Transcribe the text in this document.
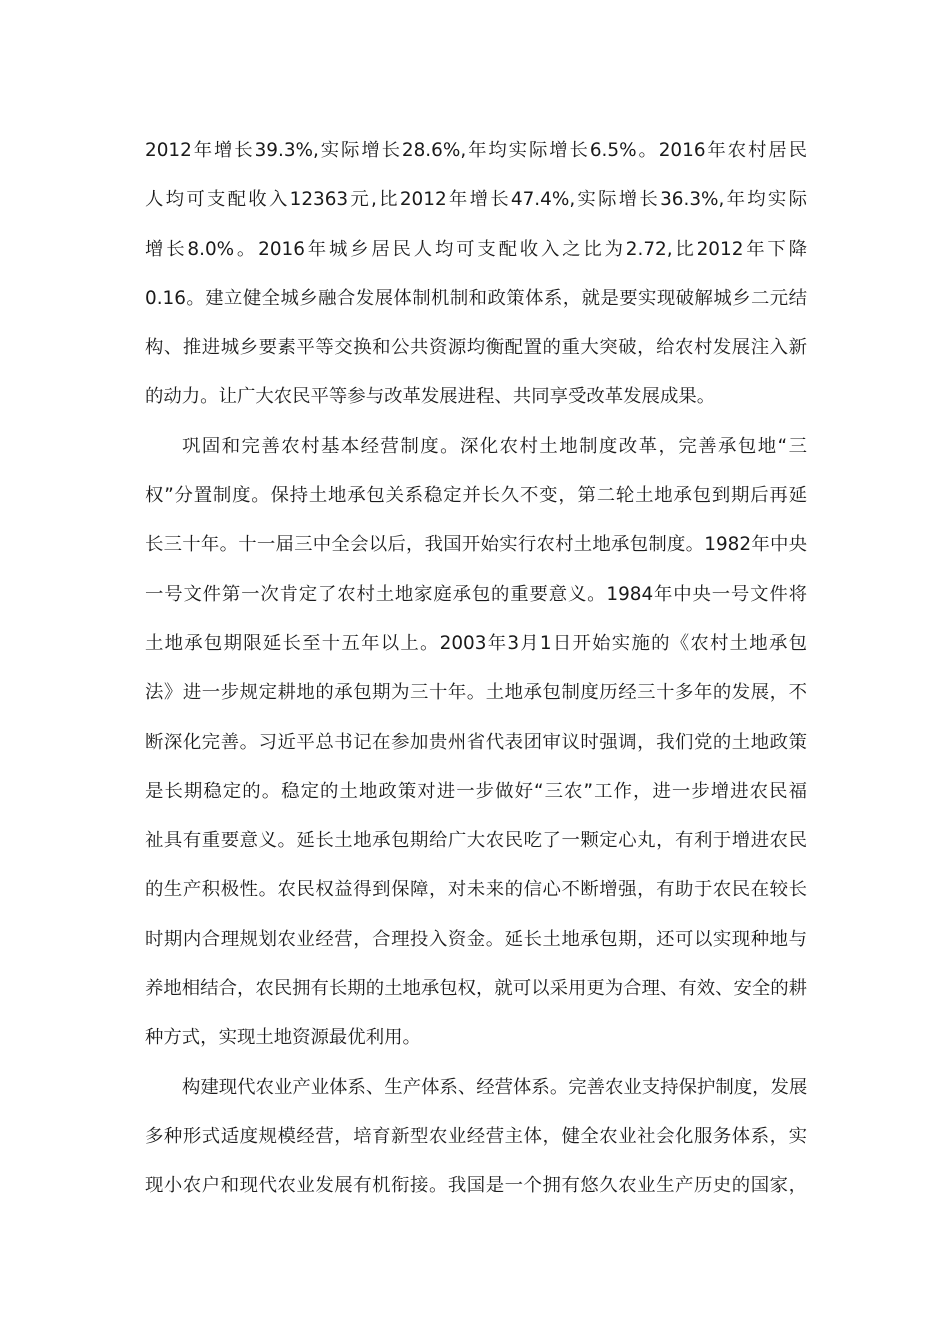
2012年增长39.3%,实际增长28.6%,年均实际增长6.5%。2016年农村居民
人均可支配收入12363元,比2012年增长47.4%,实际增长36.3%,年均实际
增长8.0%。2016年城乡居民人均可支配收入之比为2.72,比2012年下降
0.16。建立健全城乡融合发展体制机制和政策体系，就是要实现破解城乡二元结
构、推进城乡要素平等交换和公共资源均衡配置的重大突破，给农村发展注入新
的动力。让广大农民平等参与改革发展进程、共同享受改革发展成果。
巩固和完善农村基本经营制度。深化农村土地制度改革，完善承包地“三
权”分置制度。保持土地承包关系稳定并长久不变，第二轮土地承包到期后再延
长三十年。十一届三中全会以后，我国开始实行农村土地承包制度。1982年中央
一号文件第一次肯定了农村土地家庭承包的重要意义。1984年中央一号文件将
土地承包期限延长至十五年以上。2003年3月1日开始实施的《农村土地承包
法》进一步规定耕地的承包期为三十年。土地承包制度历经三十多年的发展，不
断深化完善。习近平总书记在参加贵州省代表团审议时强调，我们党的土地政策
是长期稳定的。稳定的土地政策对进一步做好“三农”工作，进一步增进农民福
祉具有重要意义。延长土地承包期给广大农民吃了一颗定心丸，有利于增进农民
的生产积极性。农民权益得到保障，对未来的信心不断增强，有助于农民在较长
时期内合理规划农业经营，合理投入资金。延长土地承包期，还可以实现种地与
养地相结合，农民拥有长期的土地承包权，就可以采用更为合理、有效、安全的耕
种方式，实现土地资源最优利用。
构建现代农业产业体系、生产体系、经营体系。完善农业支持保护制度，发展
多种形式适度规模经营，培育新型农业经营主体，健全农业社会化服务体系，实
现小农户和现代农业发展有机衔接。我国是一个拥有悠久农业生产历史的国家，
